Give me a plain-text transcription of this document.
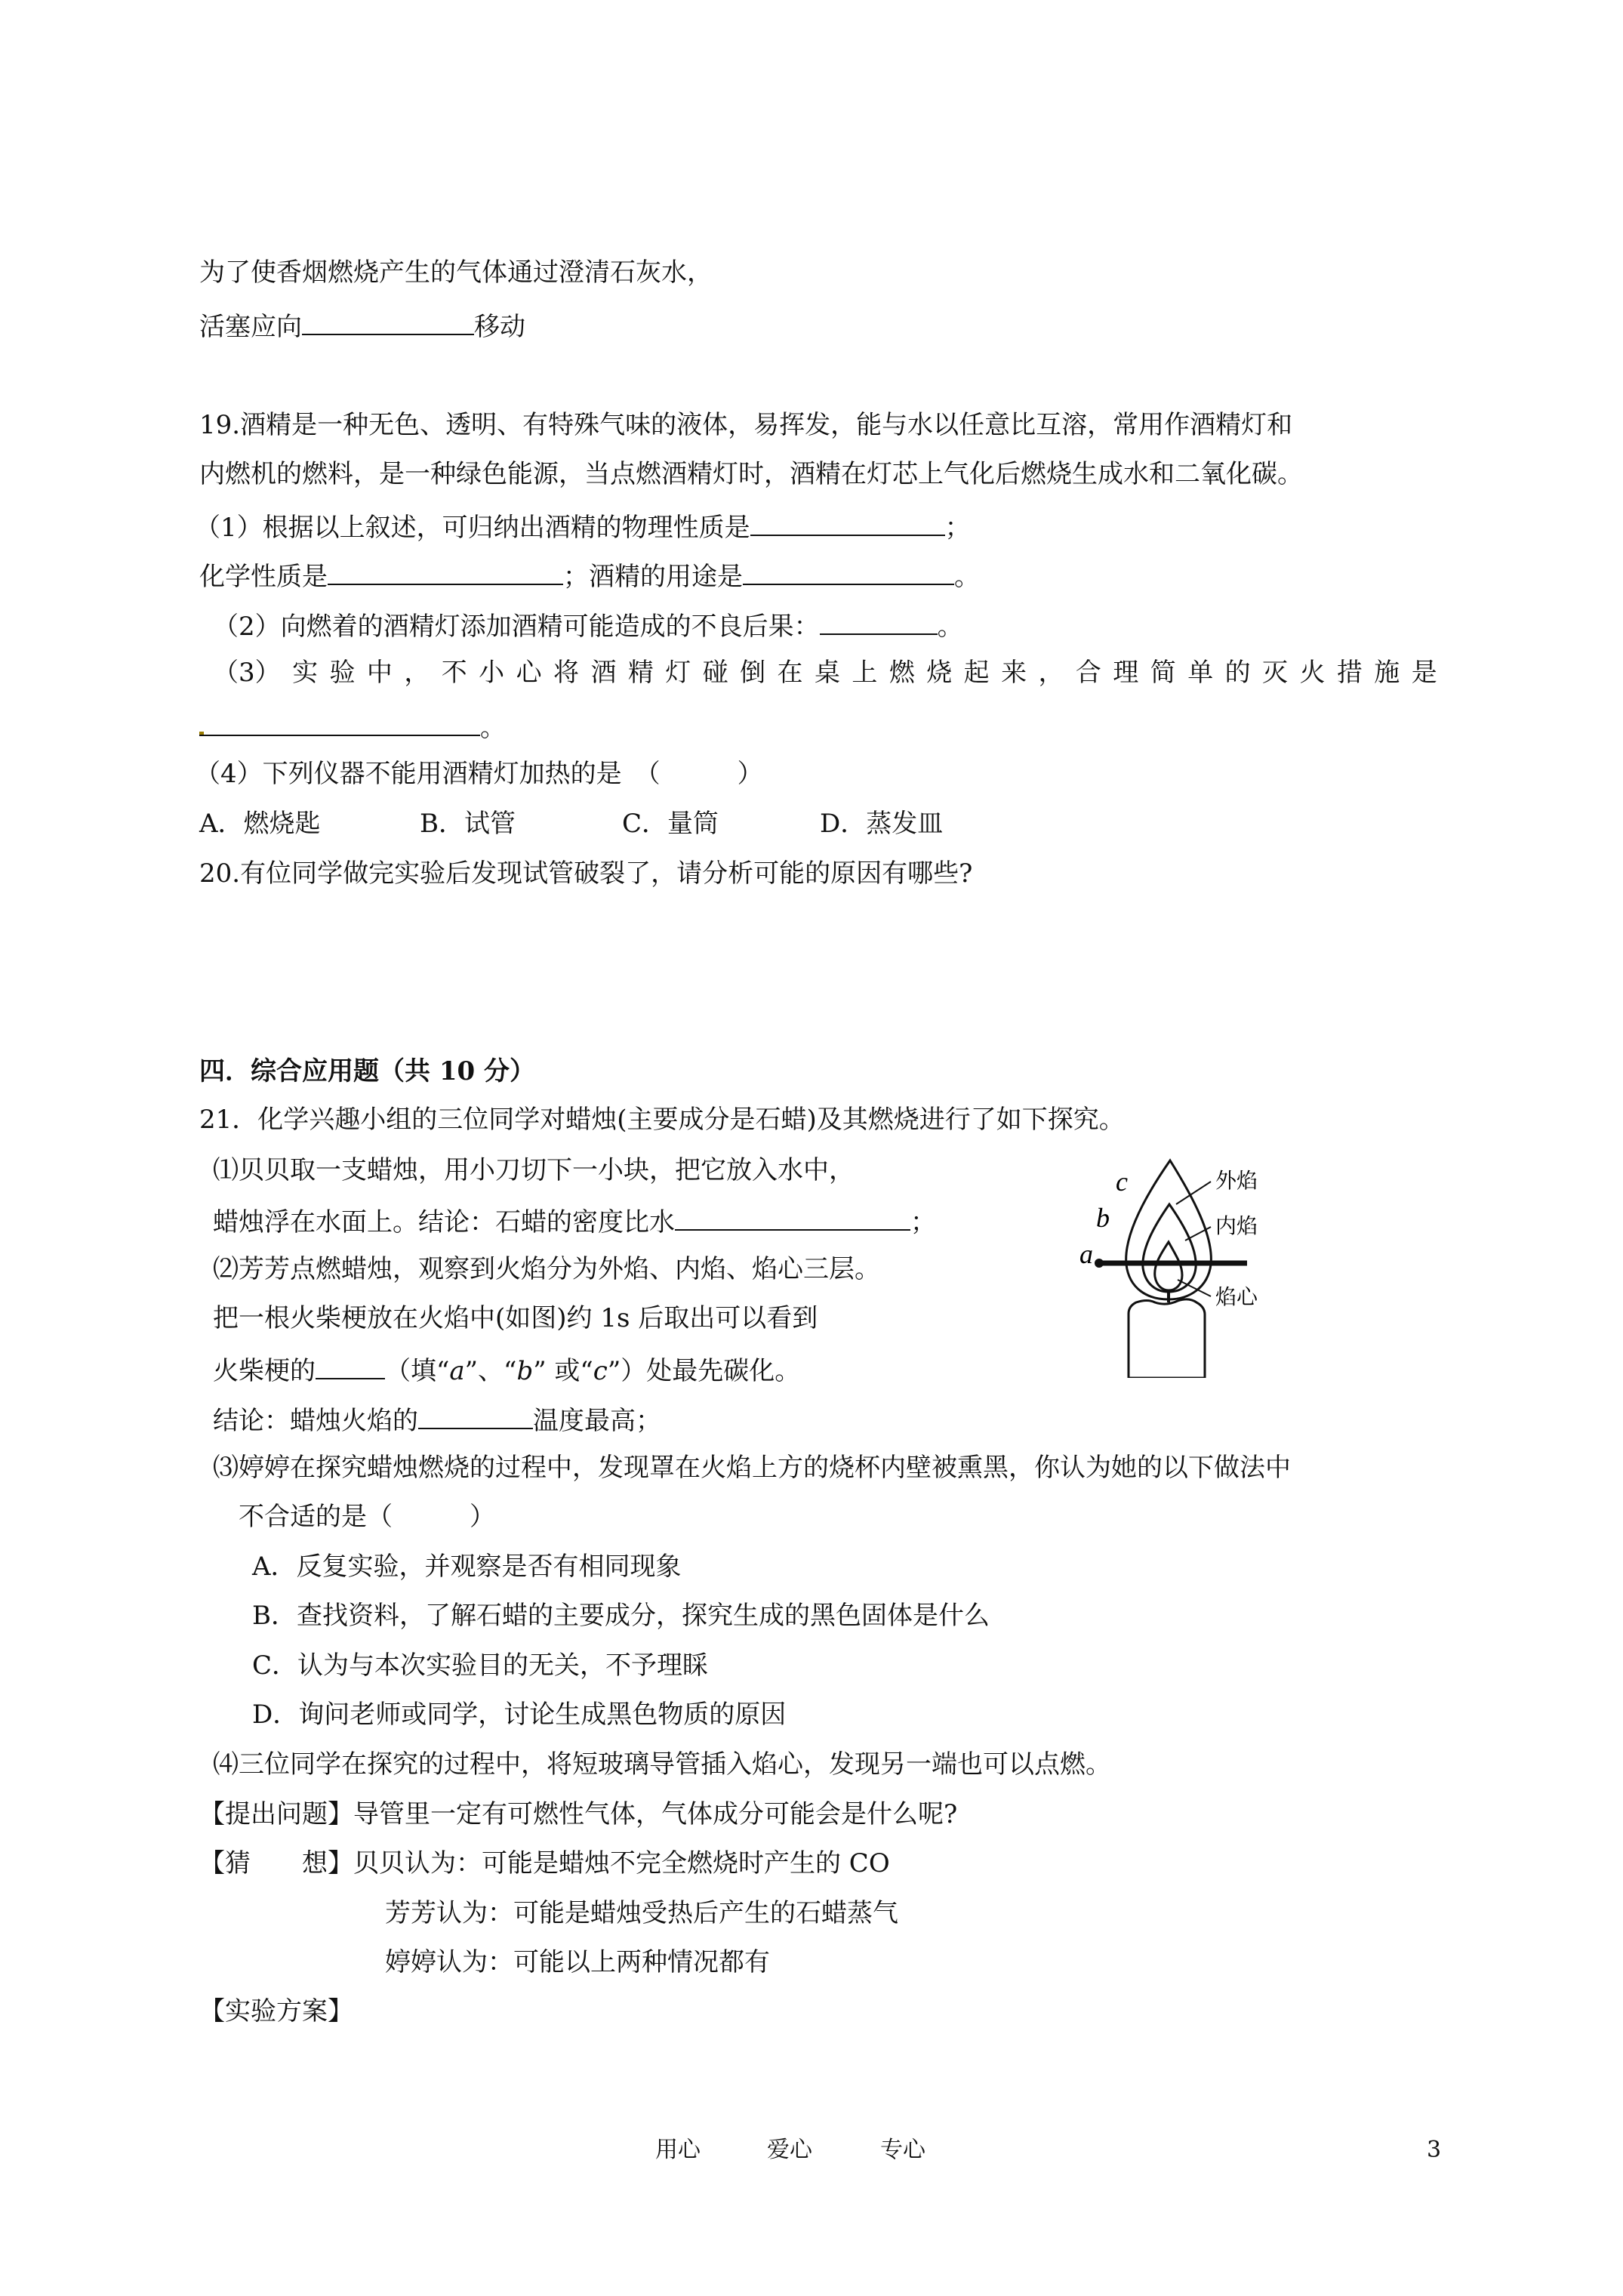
为了使香烟燃烧产生的气体通过澄清石灰水，
活塞应向	移动
19.酒精是一种无色、透明、有特殊气味的液体，易挥发，能与水以任意比互溶，常用作酒精灯和
内燃机的燃料，是一种绿色能源，当点燃酒精灯时，酒精在灯芯上气化后燃烧生成水和二氧化碳。
（1）根据以上叙述，可归纳出酒精的物理性质是	；
化学性质是	；酒精的用途是	。
（2）向燃着的酒精灯添加酒精可能造成的不良后果：	。
（3） 实 验 中 ， 不 小 心 将 酒 精 灯 碰 倒 在 桌 上 燃 烧 起 来 ， 合 理 简 单 的 灭 火 措 施 是
。
（4）下列仪器不能用酒精灯加热的是　（　　　）
A．燃烧匙	B．试管	C．量筒	D．蒸发皿
20.有位同学做完实验后发现试管破裂了，请分析可能的原因有哪些?
四．综合应用题（共 10 分）
21．化学兴趣小组的三位同学对蜡烛(主要成分是石蜡)及其燃烧进行了如下探究。
⑴贝贝取一支蜡烛，用小刀切下一小块，把它放入水中，
蜡烛浮在水面上。结论：石蜡的密度比水	；
⑵芳芳点燃蜡烛，观察到火焰分为外焰、内焰、焰心三层。
把一根火柴梗放在火焰中(如图)约 1s 后取出可以看到
火柴梗的	（填“a”、“b” 或“c”）处最先碳化。
结论：蜡烛火焰的	温度最高；
⑶婷婷在探究蜡烛燃烧的过程中，发现罩在火焰上方的烧杯内壁被熏黑，你认为她的以下做法中
不合适的是（　　　）
A．反复实验，并观察是否有相同现象
B．查找资料，了解石蜡的主要成分，探究生成的黑色固体是什么
C．认为与本次实验目的无关，不予理睬
D．询问老师或同学，讨论生成黑色物质的原因
⑷三位同学在探究的过程中，将短玻璃导管插入焰心，发现另一端也可以点燃。
【提出问题】导管里一定有可燃性气体，气体成分可能会是什么呢?
【猜　　想】贝贝认为：可能是蜡烛不完全燃烧时产生的 CO
芳芳认为：可能是蜡烛受热后产生的石蜡蒸气
婷婷认为：可能以上两种情况都有
【实验方案】
c
b
a
外焰
内焰
焰心
用心	爱心	专心	3
